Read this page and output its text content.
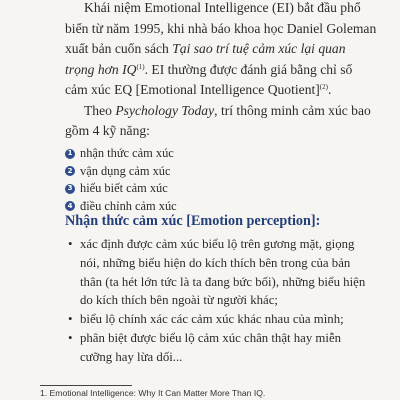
Khái niệm Emotional Intelligence (EI) bắt đầu phổ biến từ năm 1995, khi nhà báo khoa học Daniel Goleman xuất bản cuốn sách Tại sao trí tuệ cảm xúc lại quan trọng hơn IQ$^{(1)}$. EI thường được đánh giá bằng chỉ số cảm xúc EQ [Emotional Intelligence Quotient]$^{(2)}$.

Theo Psychology Today, trí thông minh cảm xúc bao gồm 4 kỹ năng:

1 nhận thức cảm xúc
2 vận dụng cảm xúc
3 hiểu biết cảm xúc
4 điều chỉnh cảm xúc
Nhận thức cảm xúc [Emotion perception]:
• xác định được cảm xúc biểu lộ trên gương mặt, giọng nói, những biểu hiện do kích thích bên trong của bản thân (ta hét lớn tức là ta đang bức bối), những biểu hiện do kích thích bên ngoài từ người khác;
• biểu lộ chính xác các cảm xúc khác nhau của mình;
• phân biệt được biểu lộ cảm xúc chân thật hay miễn cưỡng hay lừa dối...

1. Emotional Intelligence: Why It Can Matter More Than IQ.
